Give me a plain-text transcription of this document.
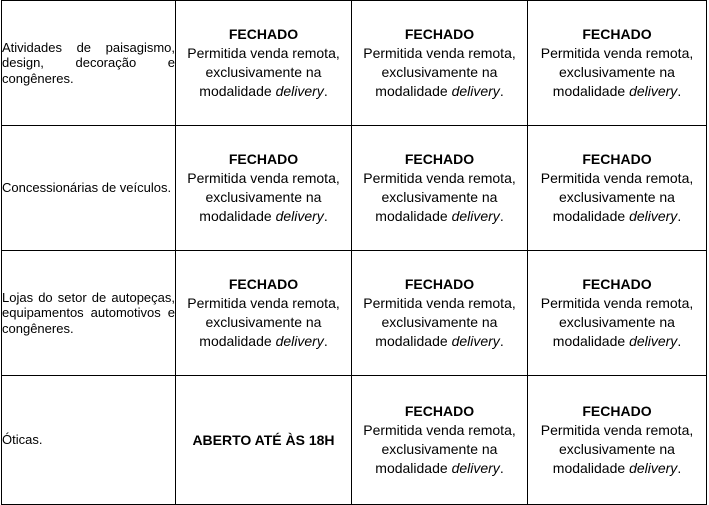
Atividades de paisagismo, design, decoração e congêneres.	FECHADO
Permitida venda remota,
exclusivamente na
modalidade delivery.	FECHADO
Permitida venda remota,
exclusivamente na
modalidade delivery.	FECHADO
Permitida venda remota,
exclusivamente na
modalidade delivery.

Concessionárias de veículos.	FECHADO
Permitida venda remota,
exclusivamente na
modalidade delivery.	FECHADO
Permitida venda remota,
exclusivamente na
modalidade delivery.	FECHADO
Permitida venda remota,
exclusivamente na
modalidade delivery.

Lojas do setor de autopeças, equipamentos automotivos e congêneres.	FECHADO
Permitida venda remota,
exclusivamente na
modalidade delivery.	FECHADO
Permitida venda remota,
exclusivamente na
modalidade delivery.	FECHADO
Permitida venda remota,
exclusivamente na
modalidade delivery.

Óticas.	ABERTO ATÉ ÀS 18H	FECHADO
Permitida venda remota,
exclusivamente na
modalidade delivery.	FECHADO
Permitida venda remota,
exclusivamente na
modalidade delivery.
